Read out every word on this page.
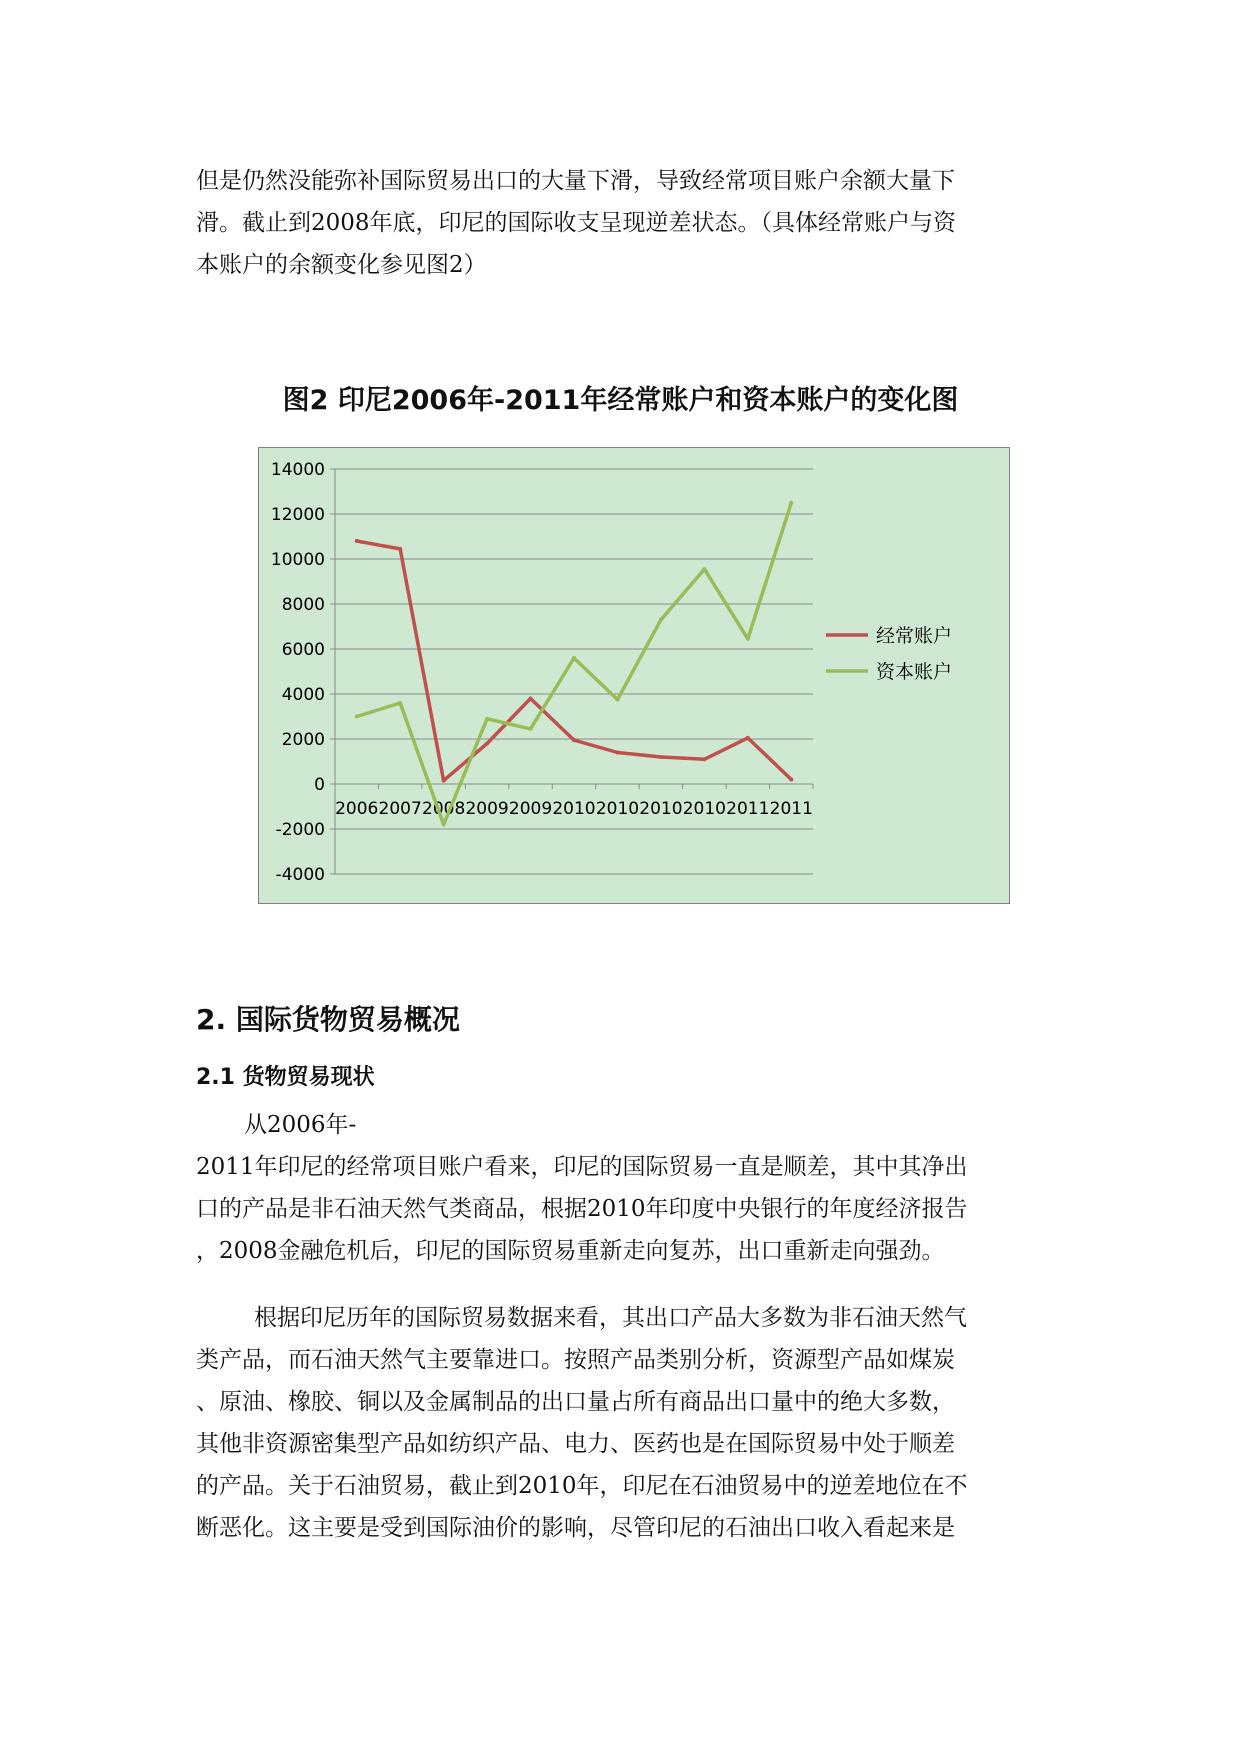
但是仍然没能弥补国际贸易出口的大量下滑，导致经常项目账户余额大量下
滑。截止到2008年底，印尼的国际收支呈现逆差状态。（具体经常账户与资
本账户的余额变化参见图2）
图2 印尼2006年-2011年经常账户和资本账户的变化图
14000
12000
10000
8000
6000
4000
2000
0
-2000
-4000
2006 2007 2008 2009 2009 2010 2010 2010 2010 2011 2011
经常账户
资本账户
2. 国际货物贸易概况
2.1 货物贸易现状
从2006年-
2011年印尼的经常项目账户看来，印尼的国际贸易一直是顺差，其中其净出
口的产品是非石油天然气类商品，根据2010年印度中央银行的年度经济报告
，2008金融危机后，印尼的国际贸易重新走向复苏，出口重新走向强劲。
根据印尼历年的国际贸易数据来看，其出口产品大多数为非石油天然气
类产品，而石油天然气主要靠进口。按照产品类别分析，资源型产品如煤炭
、原油、橡胶、铜以及金属制品的出口量占所有商品出口量中的绝大多数，
其他非资源密集型产品如纺织产品、电力、医药也是在国际贸易中处于顺差
的产品。关于石油贸易，截止到2010年，印尼在石油贸易中的逆差地位在不
断恶化。这主要是受到国际油价的影响，尽管印尼的石油出口收入看起来是
